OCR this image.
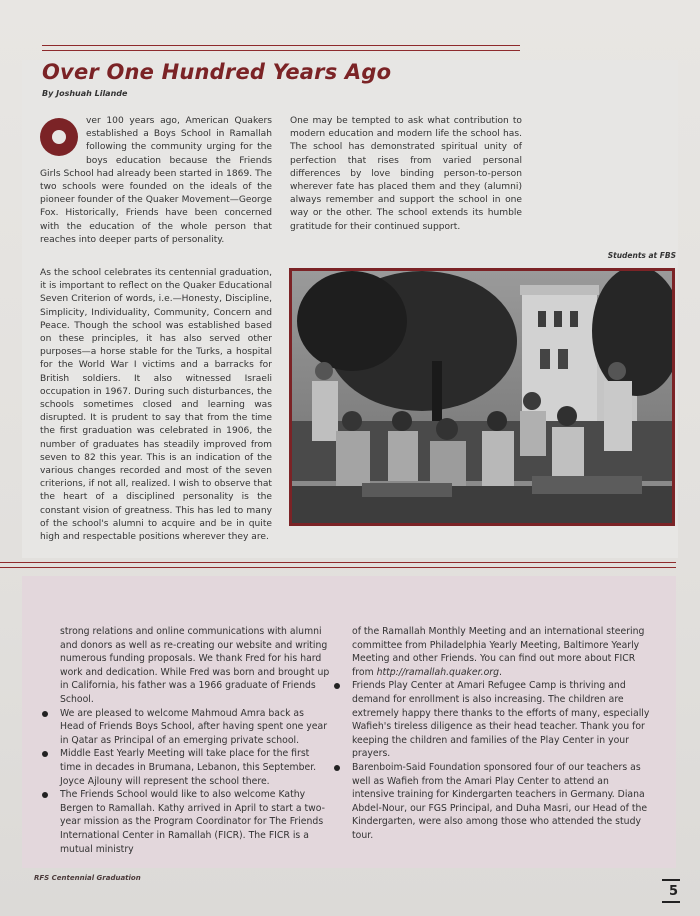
Over One Hundred Years Ago
By Joshuah Lilande

ver 100 years ago, American Quakers established a Boys School in Ramallah following the community urging for the boys education because the Friends Girls School had already been started in 1869. The two schools were founded on the ideals of the pioneer founder of the Quaker Movement—George Fox. Historically, Friends have been concerned with the education of the whole person that reaches into deeper parts of personality.

As the school celebrates its centennial graduation, it is important to reflect on the Quaker Educational Seven Criterion of words, i.e.—Honesty, Discipline, Simplicity, Individuality, Community, Concern and Peace. Though the school was established based on these principles, it has also served other purposes—a horse stable for the Turks, a hospital for the World War I victims and a barracks for British soldiers. It also witnessed Israeli occupation in 1967. During such disturbances, the schools sometimes closed and learning was disrupted. It is prudent to say that from the time the first graduation was celebrated in 1906, the number of graduates has steadily improved from seven to 82 this year. This is an indication of the various changes recorded and most of the seven criterions, if not all, realized. I wish to observe that the heart of a disciplined personality is the constant vision of greatness. This has led to many of the school's alumni to acquire and be in quite high and respectable positions wherever they are.

One may be tempted to ask what contribution to modern education and modern life the school has. The school has demonstrated spiritual unity of perfection that rises from varied personal differences by love binding person-to-person wherever fate has placed them and they (alumni) always remember and support the school in one way or the other. The school extends its humble gratitude for their continued support.

Students at FBS

strong relations and online communications with alumni and donors as well as re-creating our website and writing numerous funding proposals. We thank Fred for his hard work and dedication. While Fred was born and brought up in California, his father was a 1966 graduate of Friends School.

We are pleased to welcome Mahmoud Amra back as Head of Friends Boys School, after having spent one year in Qatar as Principal of an emerging private school.

Middle East Yearly Meeting will take place for the first time in decades in Brumana, Lebanon, this September. Joyce Ajlouny will represent the school there.

The Friends School would like to also welcome Kathy Bergen to Ramallah. Kathy arrived in April to start a two-year mission as the Program Coordinator for The Friends International Center in Ramallah (FICR). The FICR is a mutual ministry

of the Ramallah Monthly Meeting and an international steering committee from Philadelphia Yearly Meeting, Baltimore Yearly Meeting and other Friends. You can find out more about FICR from http://ramallah.quaker.org.

Friends Play Center at Amari Refugee Camp is thriving and demand for enrollment is also increasing. The children are extremely happy there thanks to the efforts of many, especially Wafieh's tireless diligence as their head teacher. Thank you for keeping the children and families of the Play Center in your prayers.

Barenboim-Said Foundation sponsored four of our teachers as well as Wafieh from the Amari Play Center to attend an intensive training for Kindergarten teachers in Germany. Diana Abdel-Nour, our FGS Principal, and Duha Masri, our Head of the Kindergarten, were also among those who attended the study tour.

RFS Centennial Graduation
5
